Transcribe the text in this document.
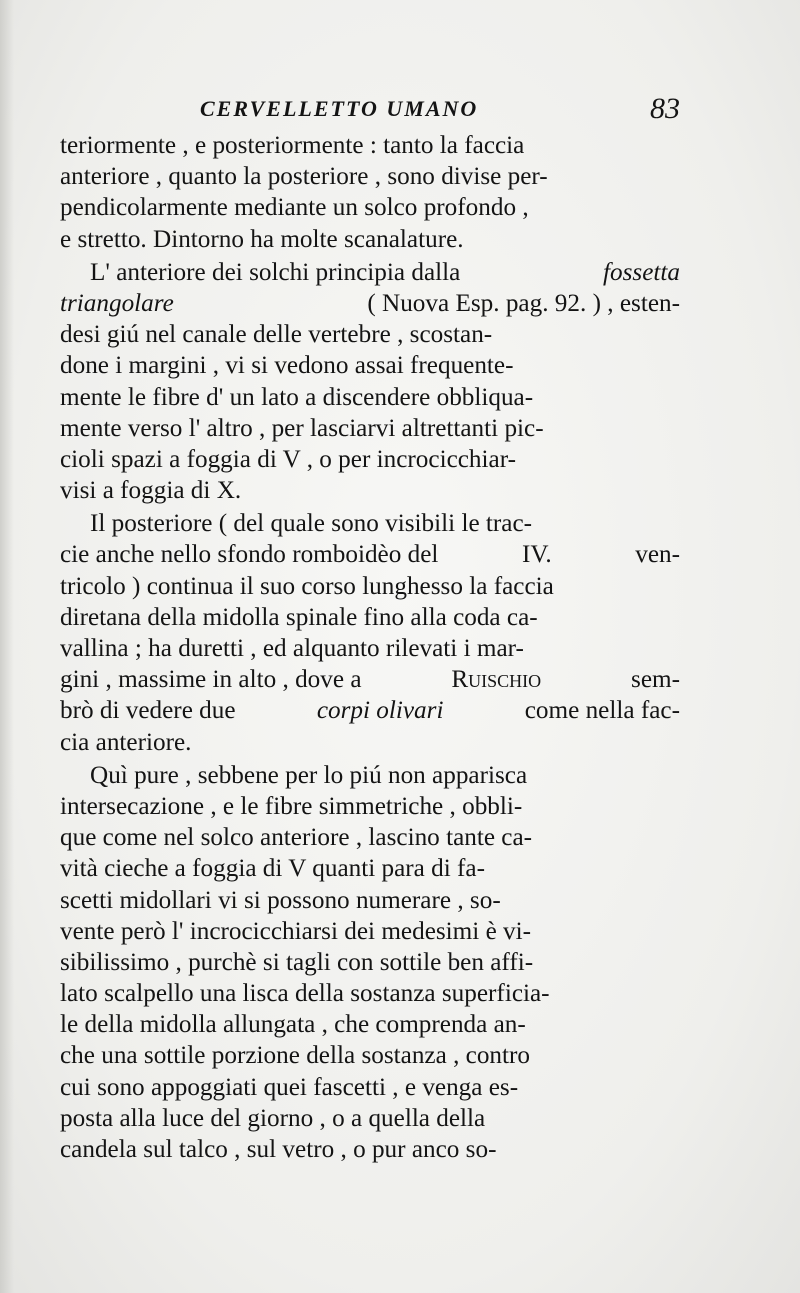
CERVELLETTO UMANO	83
teriormente , e posteriormente : tanto la faccia
anteriore , quanto la posteriore , sono divise per-
pendicolarmente mediante un solco profondo ,
e stretto. Dintorno ha molte scanalature.
L' anteriore dei solchi principia dalla	fossetta
triangolare	( Nuova Esp. pag. 92. ) , esten-
desi giú nel canale delle vertebre , scostan-
done i margini , vi si vedono assai frequente-
mente le fibre d' un lato a discendere obbliqua-
mente verso l' altro , per lasciarvi altrettanti pic-
cioli spazi a foggia di V , o per incrocicchiar-
visi a foggia di X.
Il posteriore ( del quale sono visibili le trac-
cie anche nello sfondo romboidèo del	IV.	ven-
tricolo ) continua il suo corso lunghesso la faccia
diretana della midolla spinale fino alla coda ca-
vallina ; ha duretti , ed alquanto rilevati i mar-
gini , massime in alto , dove a	Ruischio	sem-
brò di vedere due	corpi olivari	come nella fac-
cia anteriore.
Quì pure , sebbene per lo piú non apparisca
intersecazione , e le fibre simmetriche , obbli-
que come nel solco anteriore , lascino tante ca-
vità cieche a foggia di V quanti para di fa-
scetti midollari vi si possono numerare , so-
vente però l' incrocicchiarsi dei medesimi è vi-
sibilissimo , purchè si tagli con sottile ben affi-
lato scalpello una lisca della sostanza superficia-
le della midolla allungata , che comprenda an-
che una sottile porzione della sostanza , contro
cui sono appoggiati quei fascetti , e venga es-
posta alla luce del giorno , o a quella della
candela sul talco , sul vetro , o pur anco so-
